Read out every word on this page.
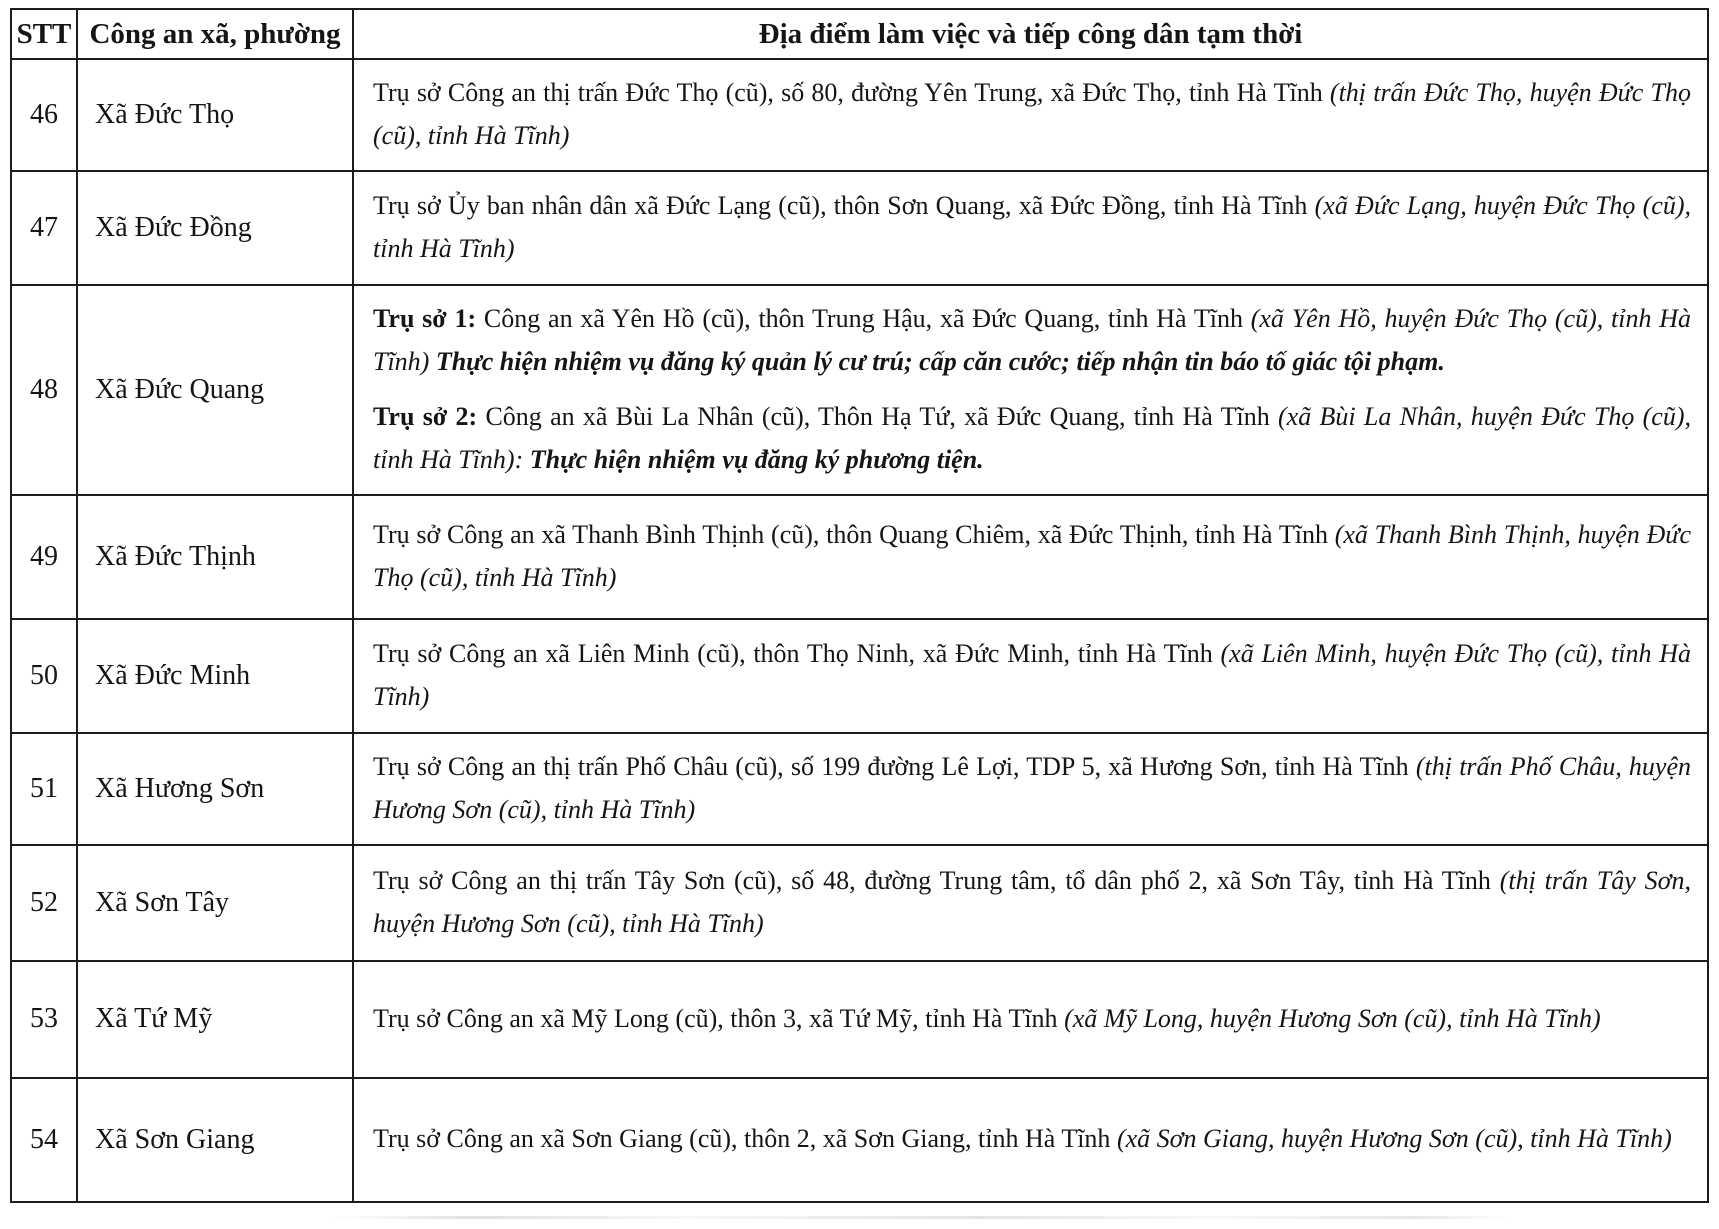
STT	Công an xã, phường	Địa điểm làm việc và tiếp công dân tạm thời
46	Xã Đức Thọ	Trụ sở Công an thị trấn Đức Thọ (cũ), số 80, đường Yên Trung, xã Đức Thọ, tỉnh Hà Tĩnh (thị trấn Đức Thọ, huyện Đức Thọ (cũ), tỉnh Hà Tĩnh)

47	Xã Đức Đồng	Trụ sở Ủy ban nhân dân xã Đức Lạng (cũ), thôn Sơn Quang, xã Đức Đồng, tỉnh Hà Tĩnh (xã Đức Lạng, huyện Đức Thọ (cũ), tỉnh Hà Tĩnh)

48	Xã Đức Quang	Trụ sở 1: Công an xã Yên Hồ (cũ), thôn Trung Hậu, xã Đức Quang, tỉnh Hà Tĩnh (xã Yên Hồ, huyện Đức Thọ (cũ), tỉnh Hà Tĩnh) Thực hiện nhiệm vụ đăng ký quản lý cư trú; cấp căn cước; tiếp nhận tin báo tố giác tội phạm.

Trụ sở 2: Công an xã Bùi La Nhân (cũ), Thôn Hạ Tứ, xã Đức Quang, tỉnh Hà Tĩnh (xã Bùi La Nhân, huyện Đức Thọ (cũ), tỉnh Hà Tĩnh): Thực hiện nhiệm vụ đăng ký phương tiện.

49	Xã Đức Thịnh	Trụ sở Công an xã Thanh Bình Thịnh (cũ), thôn Quang Chiêm, xã Đức Thịnh, tỉnh Hà Tĩnh (xã Thanh Bình Thịnh, huyện Đức Thọ (cũ), tỉnh Hà Tĩnh)

50	Xã Đức Minh	Trụ sở Công an xã Liên Minh (cũ), thôn Thọ Ninh, xã Đức Minh, tỉnh Hà Tĩnh (xã Liên Minh, huyện Đức Thọ (cũ), tỉnh Hà Tĩnh)

51	Xã Hương Sơn	Trụ sở Công an thị trấn Phố Châu (cũ), số 199 đường Lê Lợi, TDP 5, xã Hương Sơn, tỉnh Hà Tĩnh (thị trấn Phố Châu, huyện Hương Sơn (cũ), tỉnh Hà Tĩnh)

52	Xã Sơn Tây	Trụ sở Công an thị trấn Tây Sơn (cũ), số 48, đường Trung tâm, tổ dân phố 2, xã Sơn Tây, tỉnh Hà Tĩnh (thị trấn Tây Sơn, huyện Hương Sơn (cũ), tỉnh Hà Tĩnh)

53	Xã Tứ Mỹ	Trụ sở Công an xã Mỹ Long (cũ), thôn 3, xã Tứ Mỹ, tỉnh Hà Tĩnh (xã Mỹ Long, huyện Hương Sơn (cũ), tỉnh Hà Tĩnh)

54	Xã Sơn Giang	Trụ sở Công an xã Sơn Giang (cũ), thôn 2, xã Sơn Giang, tỉnh Hà Tĩnh (xã Sơn Giang, huyện Hương Sơn (cũ), tỉnh Hà Tĩnh)
